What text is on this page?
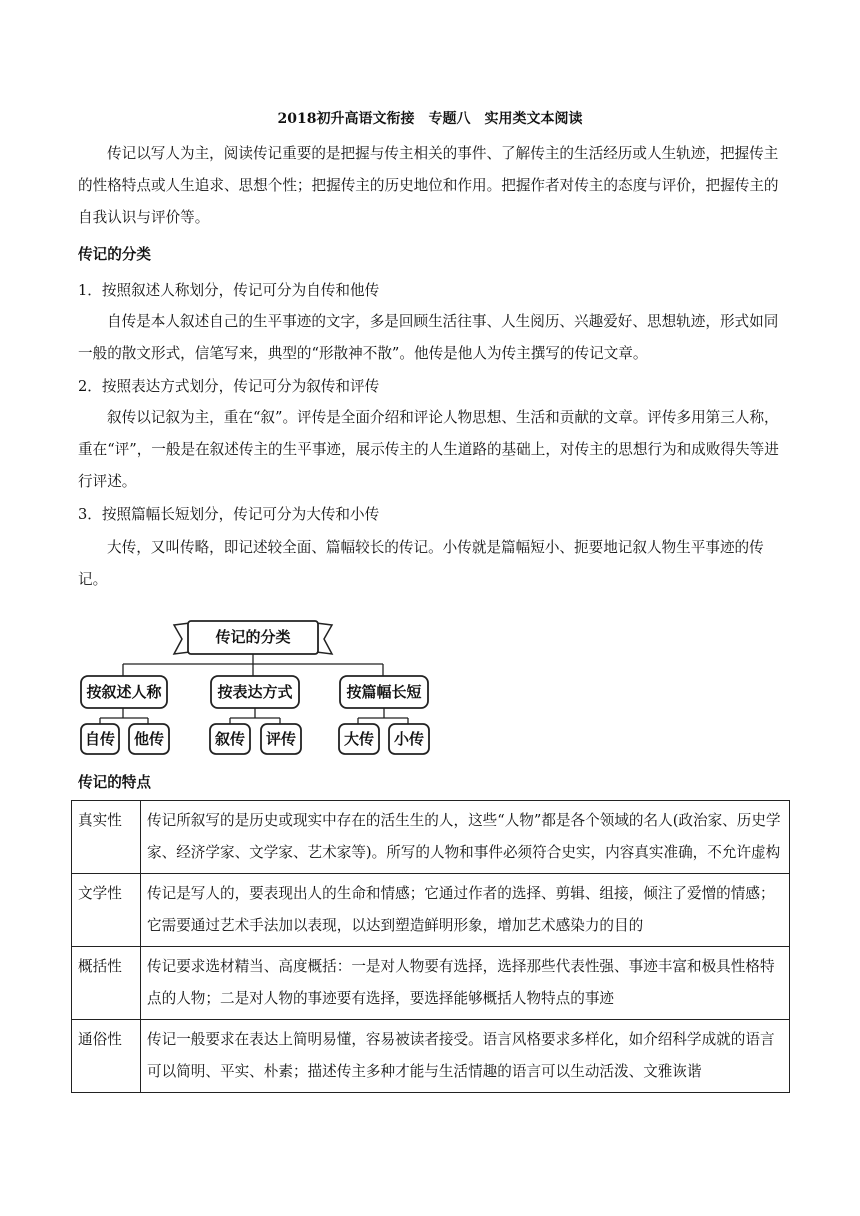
2018初升高语文衔接　专题八　实用类文本阅读

传记以写人为主，阅读传记重要的是把握与传主相关的事件、了解传主的生活经历或人生轨迹，把握传主的性格特点或人生追求、思想个性；把握传主的历史地位和作用。把握作者对传主的态度与评价，把握传主的自我认识与评价等。

传记的分类
1．按照叙述人称划分，传记可分为自传和他传

自传是本人叙述自己的生平事迹的文字，多是回顾生活往事、人生阅历、兴趣爱好、思想轨迹，形式如同一般的散文形式，信笔写来，典型的“形散神不散”。他传是他人为传主撰写的传记文章。

2．按照表达方式划分，传记可分为叙传和评传

叙传以记叙为主，重在“叙”。评传是全面介绍和评论人物思想、生活和贡献的文章。评传多用第三人称，重在“评”，一般是在叙述传主的生平事迹，展示传主的人生道路的基础上，对传主的思想行为和成败得失等进行评述。

3．按照篇幅长短划分，传记可分为大传和小传

大传，又叫传略，即记述较全面、篇幅较长的传记。小传就是篇幅短小、扼要地记叙人物生平事迹的传记。

传记的分类
按叙述人称	按表达方式	按篇幅长短
自传	他传	叙传	评传	大传	小传
传记的特点
真实性	传记所叙写的是历史或现实中存在的活生生的人，这些“人物”都是各个领域的名人(政治家、历史学家、经济学家、文学家、艺术家等)。所写的人物和事件必须符合史实，内容真实准确，不允许虚构
文学性	传记是写人的，要表现出人的生命和情感；它通过作者的选择、剪辑、组接，倾注了爱憎的情感；它需要通过艺术手法加以表现，以达到塑造鲜明形象，增加艺术感染力的目的
概括性	传记要求选材精当、高度概括：一是对人物要有选择，选择那些代表性强、事迹丰富和极具性格特点的人物；二是对人物的事迹要有选择，要选择能够概括人物特点的事迹
通俗性	传记一般要求在表达上简明易懂，容易被读者接受。语言风格要求多样化，如介绍科学成就的语言可以简明、平实、朴素；描述传主多种才能与生活情趣的语言可以生动活泼、文雅诙谐
